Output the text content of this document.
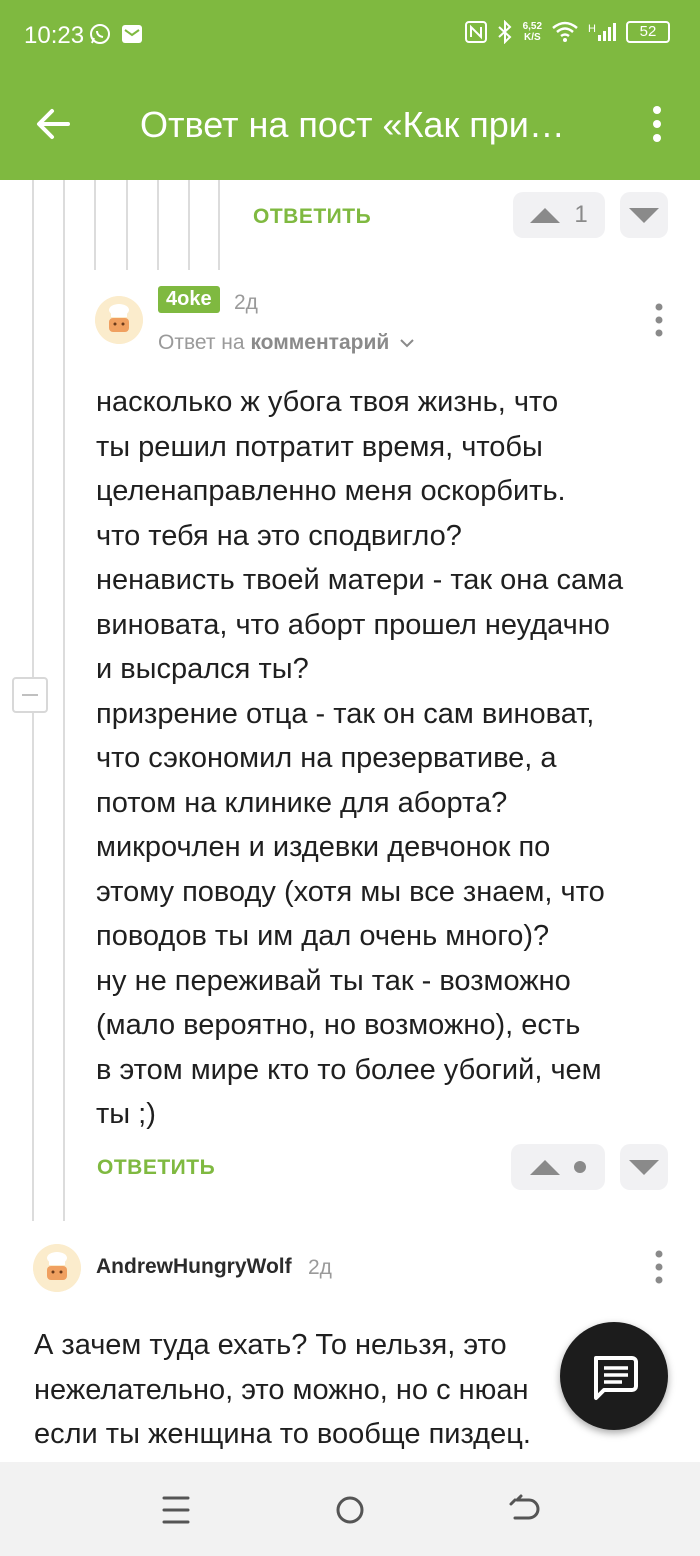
10:23	6,52
K/S
H	52
Ответ на пост «Как при…
ОТВЕТИТЬ	1
4oke	2д
Ответ на комментарий
насколько ж убога твоя жизнь, что
ты решил потратит время, чтобы
целенаправленно меня оскорбить.
что тебя на это сподвигло?
ненависть твоей матери - так она сама
виновата, что аборт прошел неудачно
и высрался ты?
призрение отца - так он сам виноват,
что сэкономил на презервативе, а
потом на клинике для аборта?
микрочлен и издевки девчонок по
этому поводу (хотя мы все знаем, что
поводов ты им дал очень много)?
ну не переживай ты так - возможно
(мало вероятно, но возможно), есть
в этом мире кто то более убогий, чем
ты ;)
ОТВЕТИТЬ
AndrewHungryWolf 2д
А зачем туда ехать? То нельзя, это
нежелательно, это можно, но с нюан
если ты женщина то вообще пиздец.
